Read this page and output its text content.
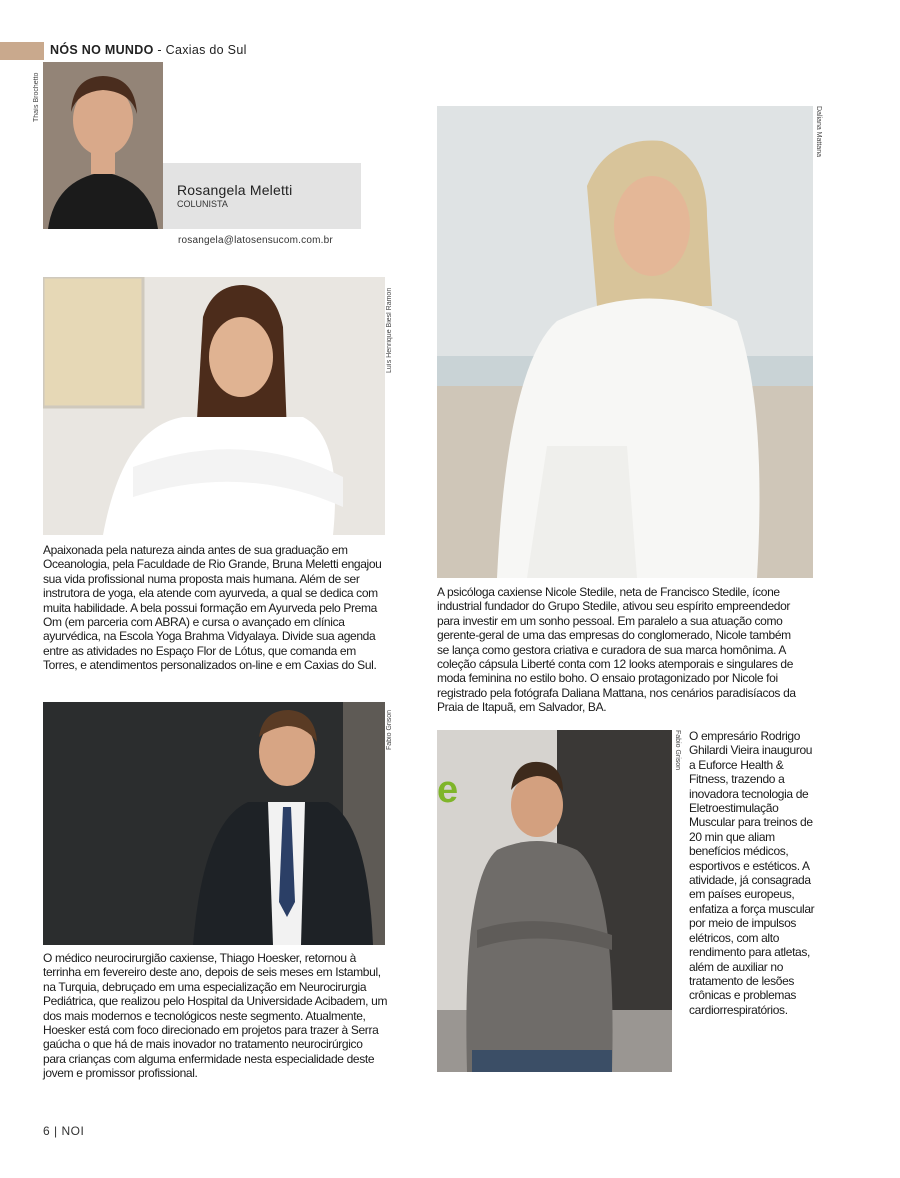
NÓS NO MUNDO - Caxias do Sul
Thaís Brochetto
Rosangela Meletti
COLUNISTA
rosangela@latosensucom.com.br
Luís Henrique Biesl Ramon

Apaixonada pela natureza ainda antes de sua graduação em Oceanologia, pela Faculdade de Rio Grande, Bruna Meletti engajou sua vida profissional numa proposta mais humana. Além de ser instrutora de yoga, ela atende com ayurveda, a qual se dedica com muita habilidade. A bela possui formação em Ayurveda pelo Prema Om (em parceria com ABRA) e cursa o avançado em clínica ayurvédica, na Escola Yoga Brahma Vidyalaya. Divide sua agenda entre as atividades no Espaço Flor de Lótus, que comanda em Torres, e atendimentos personalizados on-line e em Caxias do Sul.

Daliana Mattana

A psicóloga caxiense Nicole Stedile, neta de Francisco Stedile, ícone industrial fundador do Grupo Stedile, ativou seu espírito empreendedor para investir em um sonho pessoal. Em paralelo a sua atuação como gerente-geral de uma das empresas do conglomerado, Nicole também se lança como gestora criativa e curadora de sua marca homônima. A coleção cápsula Liberté conta com 12 looks atemporais e singulares de moda feminina no estilo boho. O ensaio protagonizado por Nicole foi registrado pela fotógrafa Daliana Mattana, nos cenários paradisíacos da Praia de Itapuã, em Salvador, BA.

Fabio Grison

O médico neurocirurgião caxiense, Thiago Hoesker, retornou à terrinha em fevereiro deste ano, depois de seis meses em Istambul, na Turquia, debruçado em uma especialização em Neurocirurgia Pediátrica, que realizou pelo Hospital da Universidade Acibadem, um dos mais modernos e tecnológicos neste segmento. Atualmente, Hoesker está com foco direcionado em projetos para trazer à Serra gaúcha o que há de mais inovador no tratamento neurocirúrgico para crianças com alguma enfermidade nesta especialidade deste jovem e promissor profissional.

e
Fabio Grison O empresário Rodrigo Ghilardi Vieira inaugurou a Euforce Health & Fitness, trazendo a inovadora tecnologia de Eletroestimulação Muscular para treinos de 20 min que aliam benefícios médicos, esportivos e estéticos. A atividade, já consagrada em países europeus, enfatiza a força muscular por meio de impulsos elétricos, com alto rendimento para atletas, além de auxiliar no tratamento de lesões crônicas e problemas cardiorrespiratórios.

6 | NOI
